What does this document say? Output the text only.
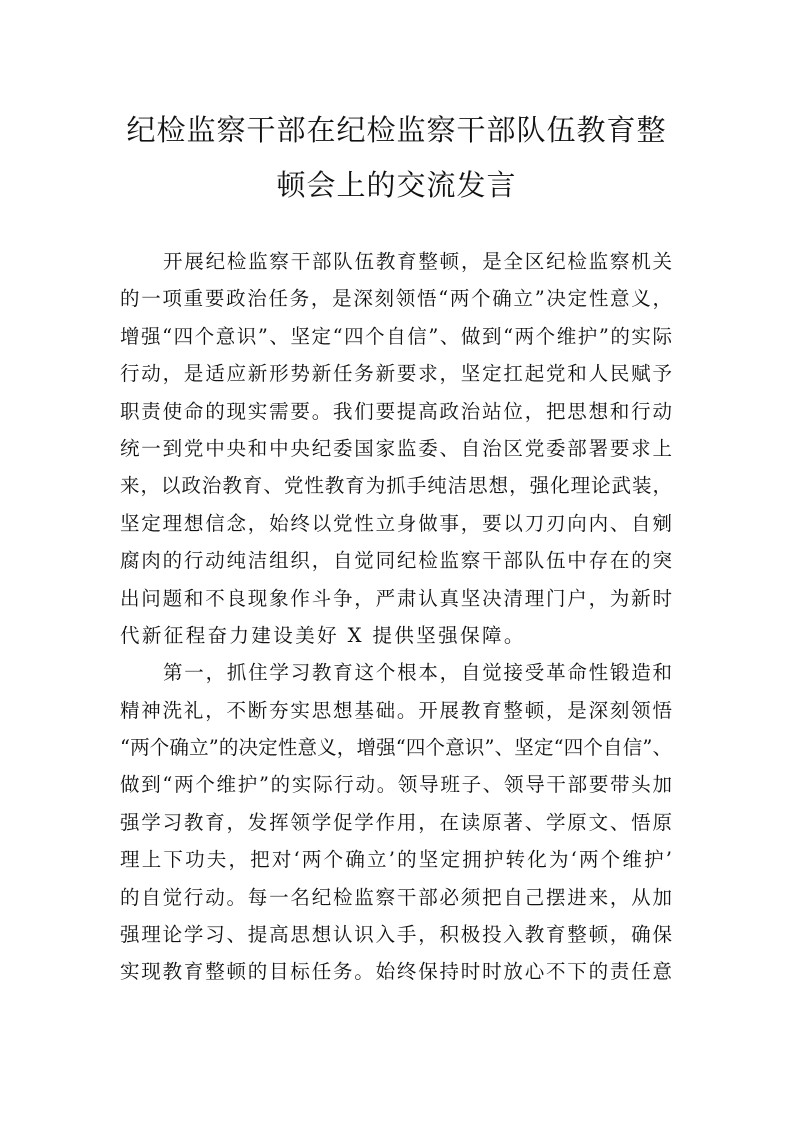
纪检监察干部在纪检监察干部队伍教育整
顿会上的交流发言
开展纪检监察干部队伍教育整顿，是全区纪检监察机关
的一项重要政治任务，是深刻领悟“两个确立”决定性意义，
增强“四个意识”、坚定“四个自信”、做到“两个维护”的实际
行动，是适应新形势新任务新要求，坚定扛起党和人民赋予
职责使命的现实需要。我们要提高政治站位，把思想和行动
统一到党中央和中央纪委国家监委、自治区党委部署要求上
来，以政治教育、党性教育为抓手纯洁思想，强化理论武装，
坚定理想信念，始终以党性立身做事，要以刀刃向内、自剜
腐肉的行动纯洁组织，自觉同纪检监察干部队伍中存在的突
出问题和不良现象作斗争，严肃认真坚决清理门户，为新时
代新征程奋力建设美好 X 提供坚强保障。
第一，抓住学习教育这个根本，自觉接受革命性锻造和
精神洗礼，不断夯实思想基础。开展教育整顿，是深刻领悟
“两个确立”的决定性意义，增强“四个意识”、坚定“四个自信”、
做到“两个维护”的实际行动。领导班子、领导干部要带头加
强学习教育，发挥领学促学作用，在读原著、学原文、悟原
理上下功夫，把对‘两个确立’的坚定拥护转化为‘两个维护’
的自觉行动。每一名纪检监察干部必须把自己摆进来，从加
强理论学习、提高思想认识入手，积极投入教育整顿，确保
实现教育整顿的目标任务。始终保持时时放心不下的责任意
